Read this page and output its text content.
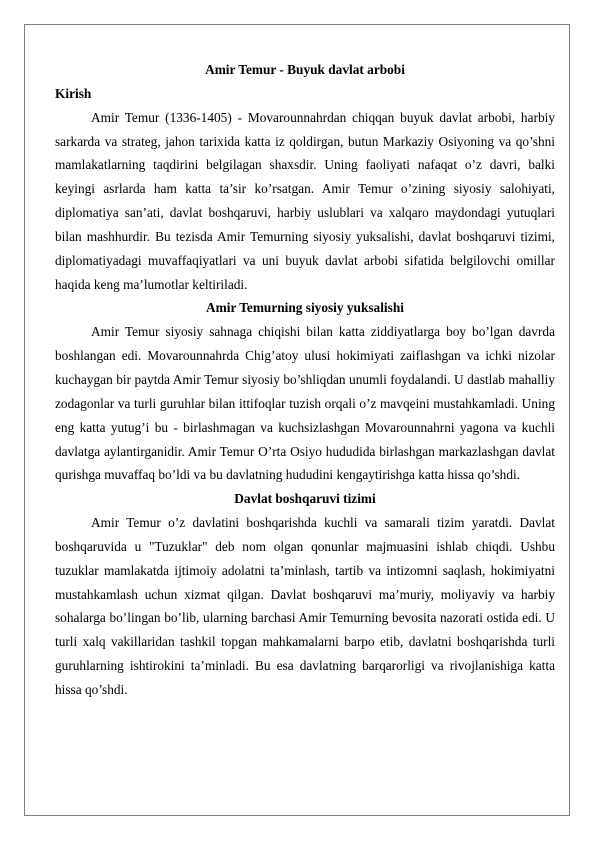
Amir Temur - Buyuk davlat arbobi

Kirish

Amir Temur (1336-1405) - Movarounnahrdan chiqqan buyuk davlat arbobi, harbiy sarkarda va strateg, jahon tarixida katta iz qoldirgan, butun Markaziy Osiyoning va qo’shni mamlakatlarning taqdirini belgilagan shaxsdir. Uning faoliyati nafaqat o’z davri, balki keyingi asrlarda ham katta ta’sir ko’rsatgan. Amir Temur o’zining siyosiy salohiyati, diplomatiya san’ati, davlat boshqaruvi, harbiy uslublari va xalqaro maydondagi yutuqlari bilan mashhurdir. Bu tezisda Amir Temurning siyosiy yuksalishi, davlat boshqaruvi tizimi, diplomatiyadagi muvaffaqiyatlari va uni buyuk davlat arbobi sifatida belgilovchi omillar haqida keng ma’lumotlar keltiriladi.

Amir Temurning siyosiy yuksalishi

Amir Temur siyosiy sahnaga chiqishi bilan katta ziddiyatlarga boy bo’lgan davrda boshlangan edi. Movarounnahrda Chig’atoy ulusi hokimiyati zaiflashgan va ichki nizolar kuchaygan bir paytda Amir Temur siyosiy bo’shliqdan unumli foydalandi. U dastlab mahalliy zodagonlar va turli guruhlar bilan ittifoqlar tuzish orqali o’z mavqeini mustahkamladi. Uning eng katta yutug’i bu - birlashmagan va kuchsizlashgan Movarounnahrni yagona va kuchli davlatga aylantirganidir. Amir Temur O’rta Osiyo hududida birlashgan markazlashgan davlat qurishga muvaffaq bo’ldi va bu davlatning hududini kengaytirishga katta hissa qo’shdi.

Davlat boshqaruvi tizimi

Amir Temur o’z davlatini boshqarishda kuchli va samarali tizim yaratdi. Davlat boshqaruvida u "Tuzuklar" deb nom olgan qonunlar majmuasini ishlab chiqdi. Ushbu tuzuklar mamlakatda ijtimoiy adolatni ta’minlash, tartib va intizomni saqlash, hokimiyatni mustahkamlash uchun xizmat qilgan. Davlat boshqaruvi ma’muriy, moliyaviy va harbiy sohalarga bo’lingan bo’lib, ularning barchasi Amir Temurning bevosita nazorati ostida edi. U turli xalq vakillaridan tashkil topgan mahkamalarni barpo etib, davlatni boshqarishda turli guruhlarning ishtirokini ta’minladi. Bu esa davlatning barqarorligi va rivojlanishiga katta hissa qo’shdi.
